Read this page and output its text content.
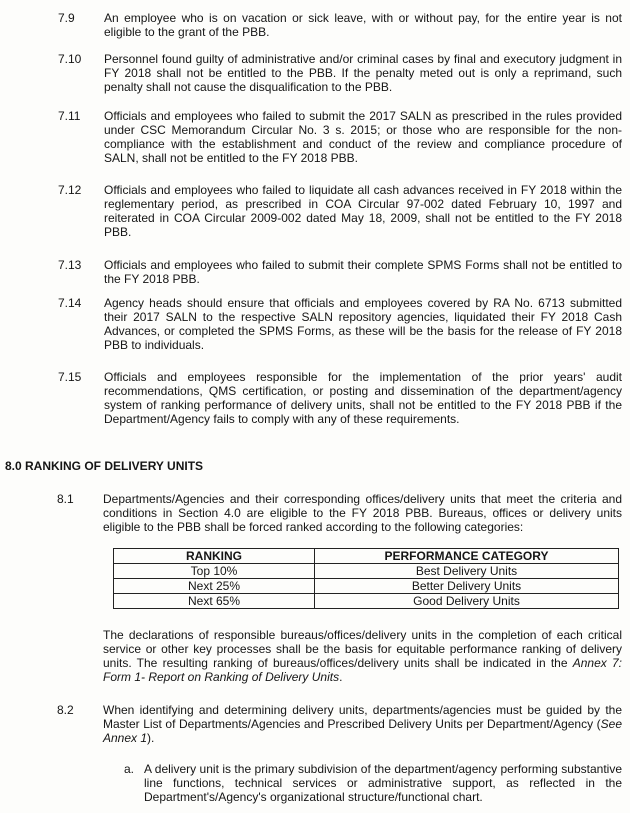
7.9 An employee who is on vacation or sick leave, with or without pay, for the entire year is not eligible to the grant of the PBB.
7.10 Personnel found guilty of administrative and/or criminal cases by final and executory judgment in FY 2018 shall not be entitled to the PBB. If the penalty meted out is only a reprimand, such penalty shall not cause the disqualification to the PBB.
7.11 Officials and employees who failed to submit the 2017 SALN as prescribed in the rules provided under CSC Memorandum Circular No. 3 s. 2015; or those who are responsible for the non-compliance with the establishment and conduct of the review and compliance procedure of SALN, shall not be entitled to the FY 2018 PBB.
7.12 Officials and employees who failed to liquidate all cash advances received in FY 2018 within the reglementary period, as prescribed in COA Circular 97-002 dated February 10, 1997 and reiterated in COA Circular 2009-002 dated May 18, 2009, shall not be entitled to the FY 2018 PBB.
7.13 Officials and employees who failed to submit their complete SPMS Forms shall not be entitled to the FY 2018 PBB.
7.14 Agency heads should ensure that officials and employees covered by RA No. 6713 submitted their 2017 SALN to the respective SALN repository agencies, liquidated their FY 2018 Cash Advances, or completed the SPMS Forms, as these will be the basis for the release of FY 2018 PBB to individuals.
7.15 Officials and employees responsible for the implementation of the prior years' audit recommendations, QMS certification, or posting and dissemination of the department/agency system of ranking performance of delivery units, shall not be entitled to the FY 2018 PBB if the Department/Agency fails to comply with any of these requirements.
8.0 RANKING OF DELIVERY UNITS
8.1 Departments/Agencies and their corresponding offices/delivery units that meet the criteria and conditions in Section 4.0 are eligible to the FY 2018 PBB. Bureaus, offices or delivery units eligible to the PBB shall be forced ranked according to the following categories:
RANKING	PERFORMANCE CATEGORY
Top 10%	Best Delivery Units
Next 25%	Better Delivery Units
Next 65%	Good Delivery Units
The declarations of responsible bureaus/offices/delivery units in the completion of each critical service or other key processes shall be the basis for equitable performance ranking of delivery units. The resulting ranking of bureaus/offices/delivery units shall be indicated in the Annex 7: Form 1- Report on Ranking of Delivery Units.
8.2 When identifying and determining delivery units, departments/agencies must be guided by the Master List of Departments/Agencies and Prescribed Delivery Units per Department/Agency (See Annex 1).
a. A delivery unit is the primary subdivision of the department/agency performing substantive line functions, technical services or administrative support, as reflected in the Department's/Agency's organizational structure/functional chart.
